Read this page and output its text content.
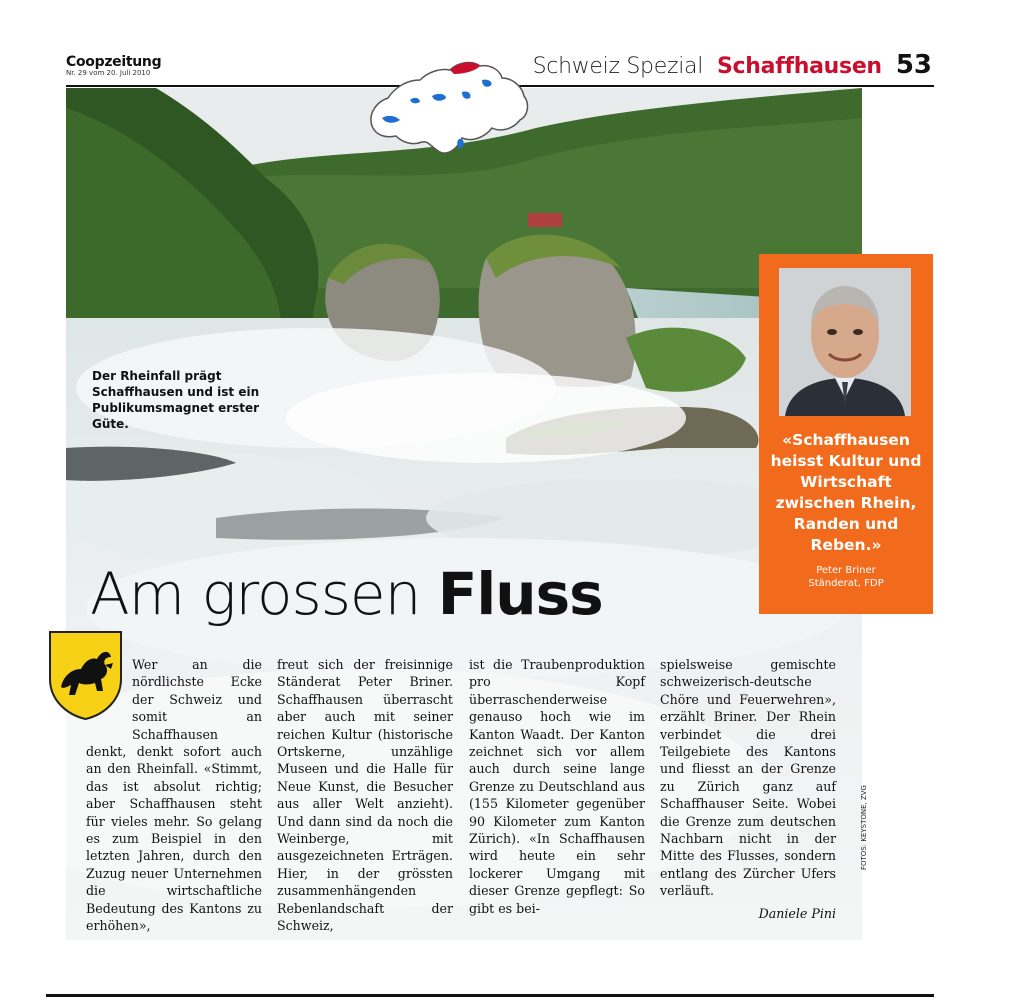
Coopzeitung
Nr. 29 vom 20. Juli 2010	Schweiz Spezial Schaffhausen 53
Der Rheinfall prägt Schaffhausen und ist ein Publikumsmagnet erster Güte.
«Schaffhausen heisst Kultur und Wirtschaft zwischen Rhein, Randen und Reben.»
Peter Briner
Ständerat, FDP
Am grossen Fluss
Wer an die nördlichste Ecke der Schweiz und somit an Schaffhausen denkt, denkt sofort auch an den Rheinfall. «Stimmt, das ist absolut richtig; aber Schaffhausen steht für vieles mehr. So gelang es zum Beispiel in den letzten Jahren, durch den Zuzug neuer Unternehmen die wirtschaftliche Bedeutung des Kantons zu erhöhen»,
freut sich der freisinnige Ständerat Peter Briner. Schaffhausen überrascht aber auch mit seiner reichen Kultur (historische Ortskerne, unzählige Museen und die Halle für Neue Kunst, die Besucher aus aller Welt anzieht). Und dann sind da noch die Weinberge, mit ausgezeichneten Erträgen. Hier, in der grössten zusammenhängenden Rebenlandschaft der Schweiz,
ist die Traubenproduktion pro Kopf überraschenderweise genauso hoch wie im Kanton Waadt. Der Kanton zeichnet sich vor allem auch durch seine lange Grenze zu Deutschland aus (155 Kilometer gegenüber 90 Kilometer zum Kanton Zürich). «In Schaffhausen wird heute ein sehr lockerer Umgang mit dieser Grenze gepflegt: So gibt es bei-
spielsweise gemischte schweizerisch-deutsche Chöre und Feuerwehren», erzählt Briner. Der Rhein verbindet die drei Teilgebiete des Kantons und fliesst an der Grenze zu Zürich ganz auf Schaffhauser Seite. Wobei die Grenze zum deutschen Nachbarn nicht in der Mitte des Flusses, sondern entlang des Zürcher Ufers verläuft.
Daniele Pini
FOTOS: KEYSTONE, ZVG
